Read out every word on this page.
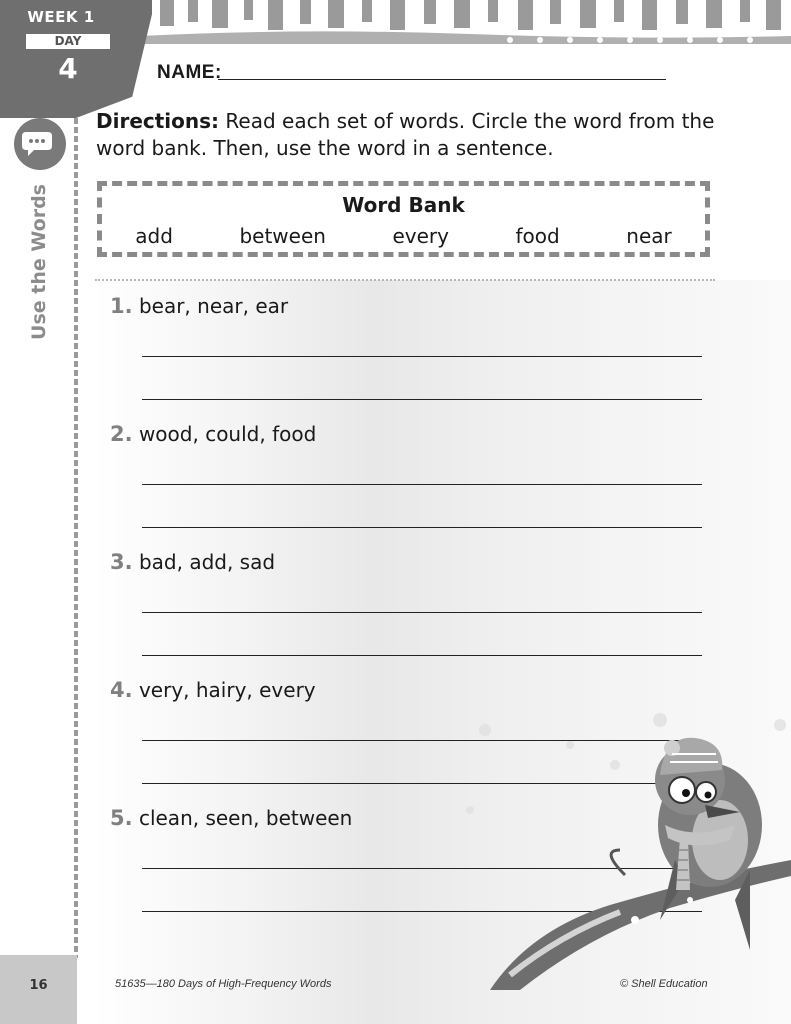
WEEK 1
DAY
4
Use the Words
16
NAME:
Directions: Read each set of words. Circle the word from the word bank. Then, use the word in a sentence.
Word Bank
add	between	every	food	near
1. bear, near, ear
2. wood, could, food
3. bad, add, sad
4. very, hairy, every
5. clean, seen, between
51635—180 Days of High-Frequency Words	© Shell Education
